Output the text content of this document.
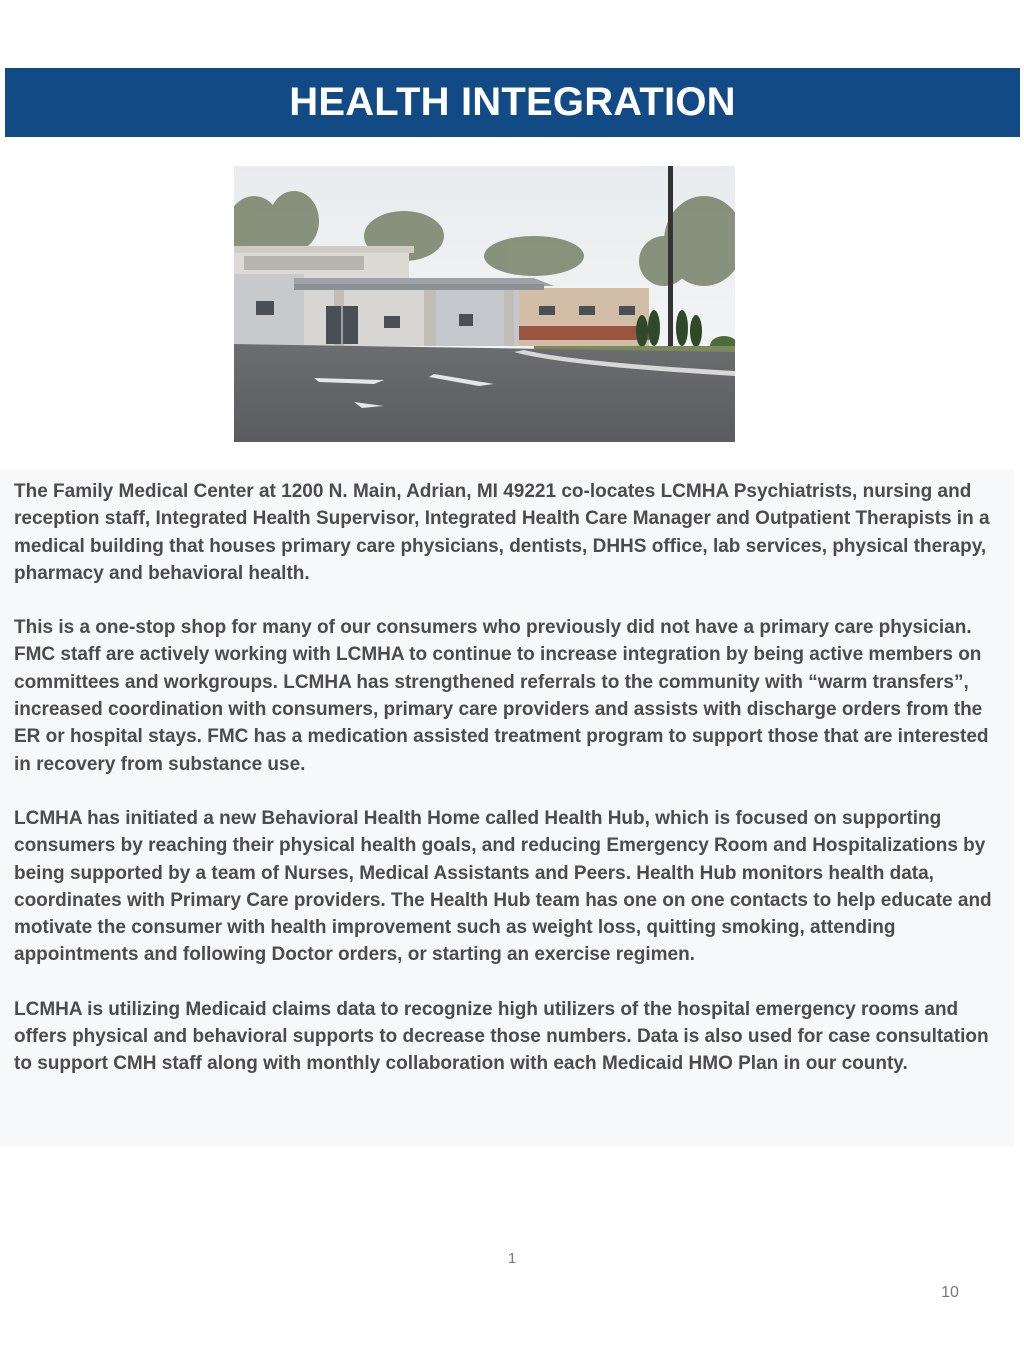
HEALTH INTEGRATION

The Family Medical Center at 1200 N. Main, Adrian, MI 49221 co-locates LCMHA Psychiatrists, nursing and reception staff, Integrated Health Supervisor, Integrated Health Care Manager and Outpatient Therapists in a medical building that houses primary care physicians, dentists, DHHS office, lab services, physical therapy, pharmacy and behavioral health.

This is a one-stop shop for many of our consumers who previously did not have a primary care physician. FMC staff are actively working with LCMHA to continue to increase integration by being active members on committees and workgroups. LCMHA has strengthened referrals to the community with “warm transfers”, increased coordination with consumers, primary care providers and assists with discharge orders from the ER or hospital stays. FMC has a medication assisted treatment program to support those that are interested in recovery from substance use.

LCMHA has initiated a new Behavioral Health Home called Health Hub, which is focused on supporting consumers by reaching their physical health goals, and reducing Emergency Room and Hospitalizations by being supported by a team of Nurses, Medical Assistants and Peers. Health Hub monitors health data, coordinates with Primary Care providers. The Health Hub team has one on one contacts to help educate and motivate the consumer with health improvement such as weight loss, quitting smoking, attending appointments and following Doctor orders, or starting an exercise regimen.

LCMHA is utilizing Medicaid claims data to recognize high utilizers of the hospital emergency rooms and offers physical and behavioral supports to decrease those numbers. Data is also used for case consultation to support CMH staff along with monthly collaboration with each Medicaid HMO Plan in our county.

1
10
